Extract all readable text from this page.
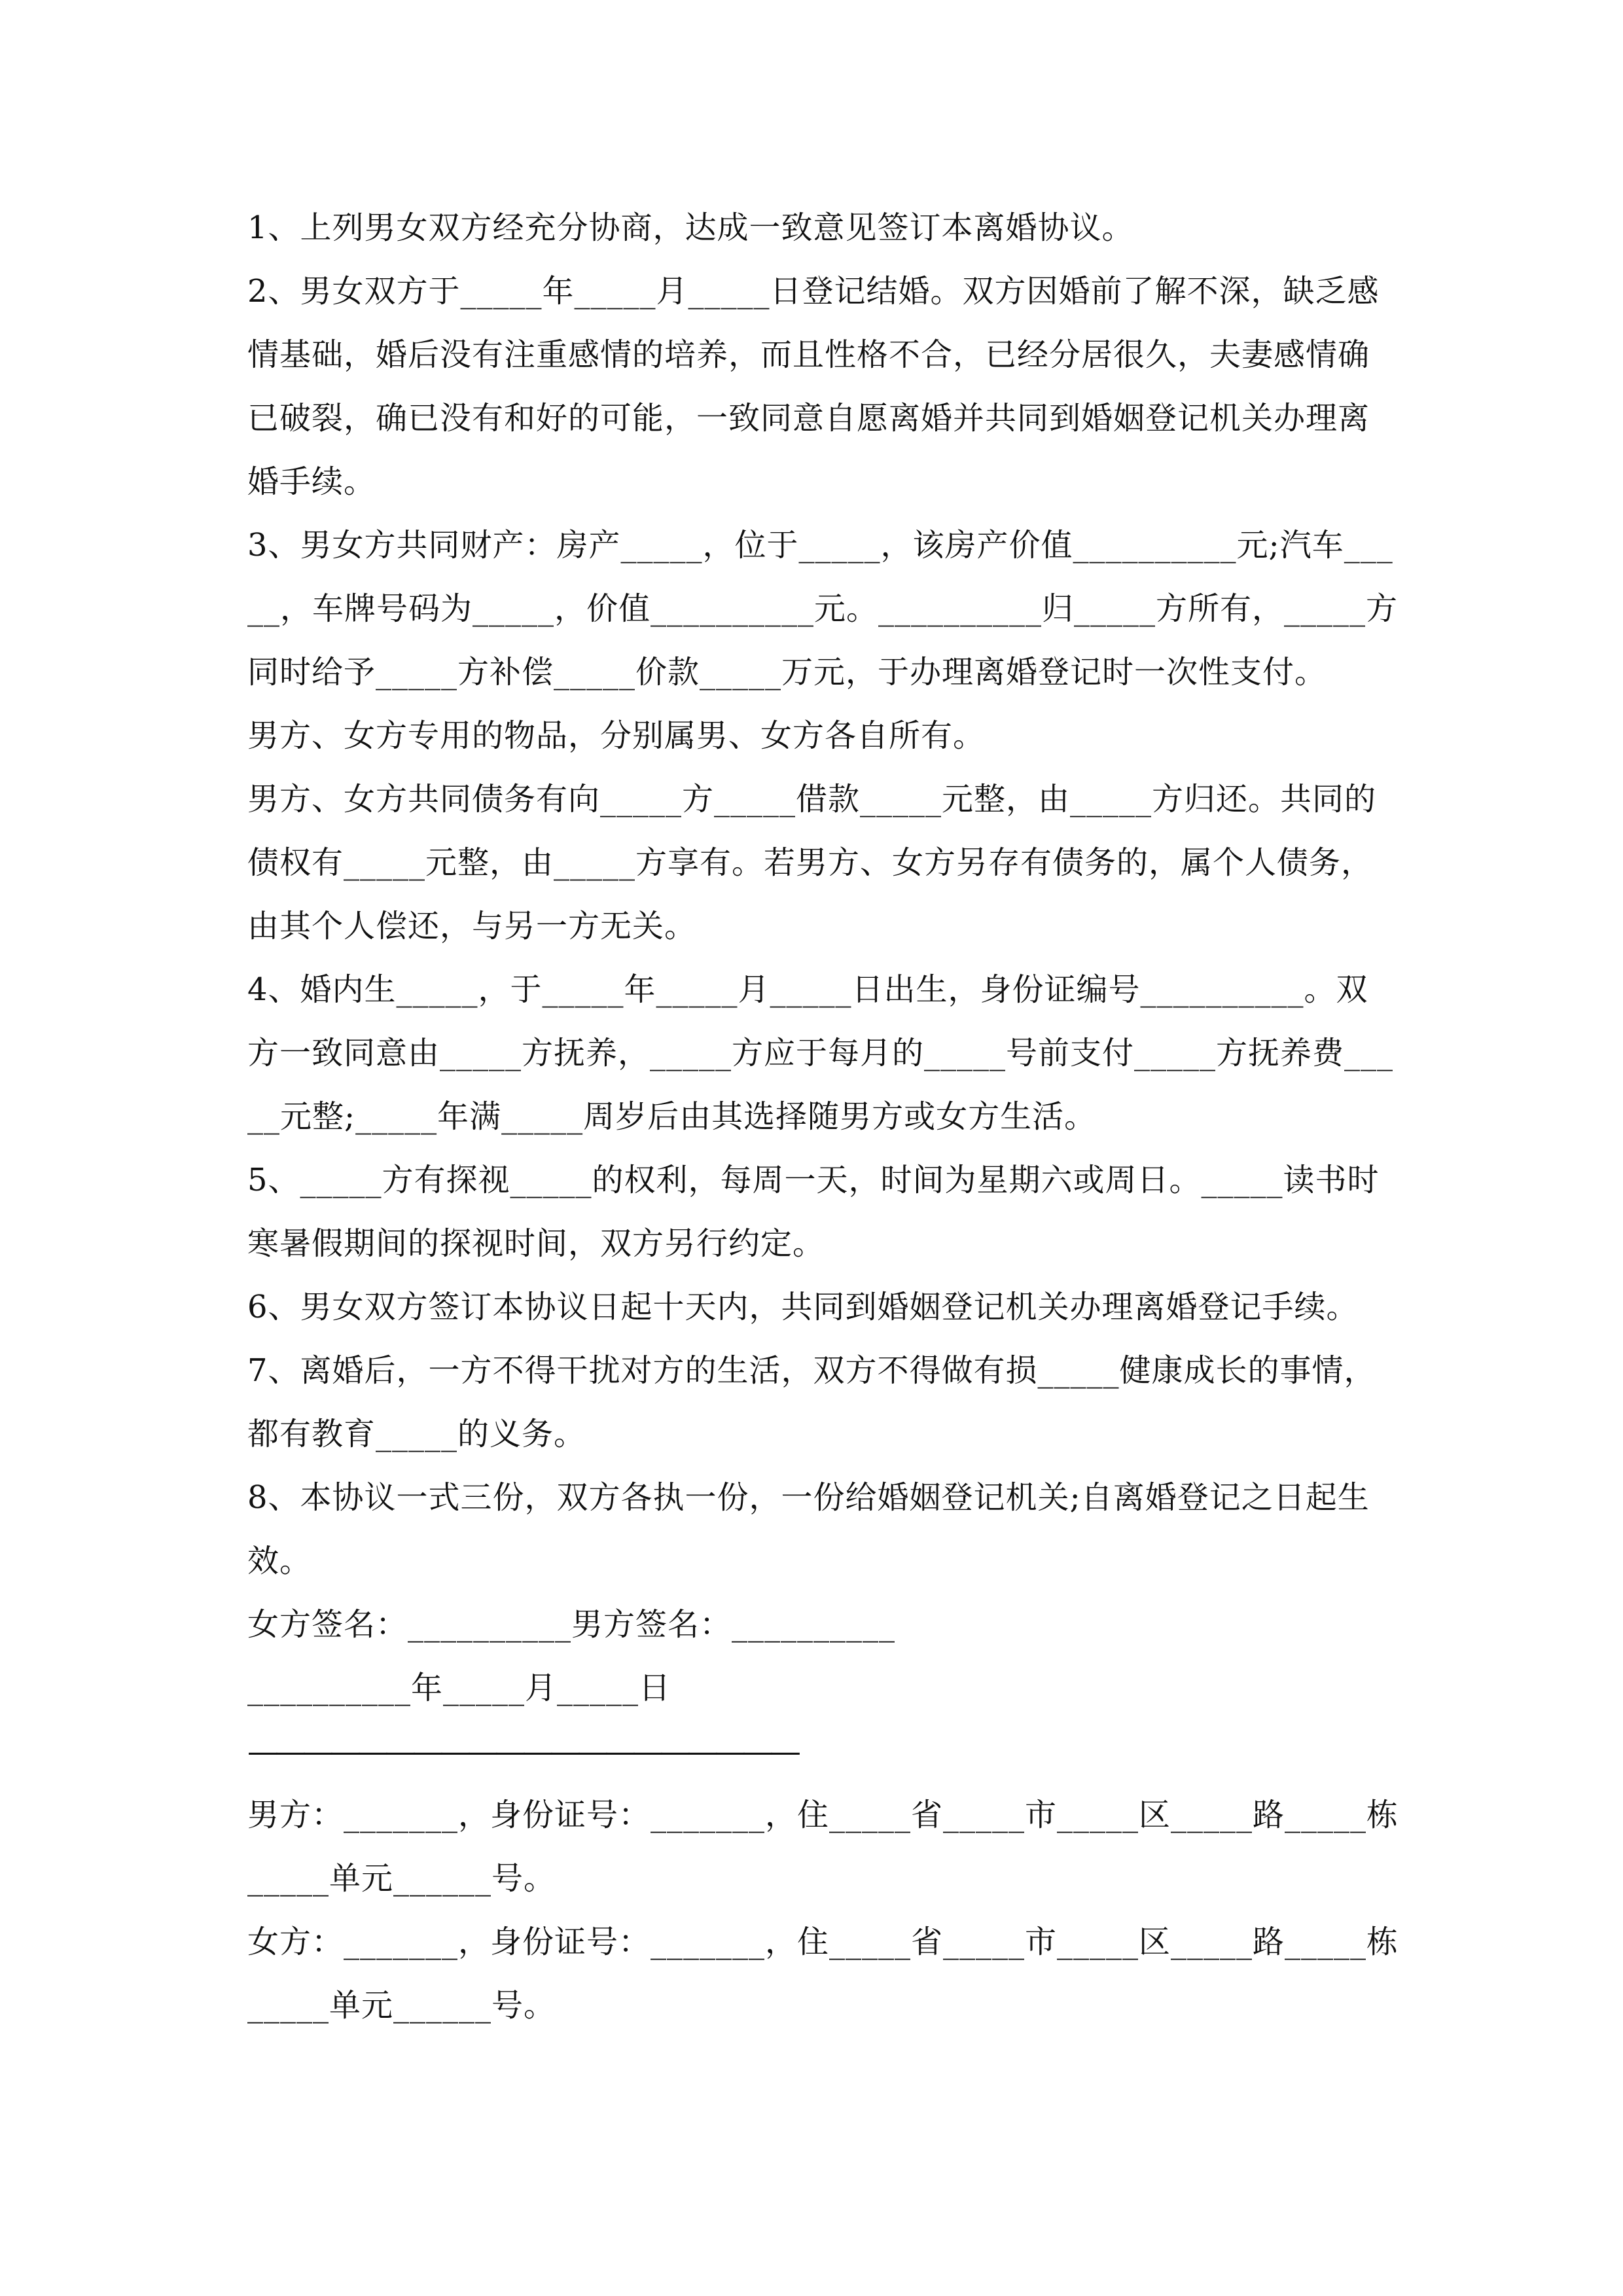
1、上列男女双方经充分协商，达成一致意见签订本离婚协议。

2、男女双方于_____年_____月_____日登记结婚。双方因婚前了解不深，缺乏感情基础，婚后没有注重感情的培养，而且性格不合，已经分居很久，夫妻感情确已破裂，确已没有和好的可能，一致同意自愿离婚并共同到婚姻登记机关办理离婚手续。

3、男女方共同财产：房产_____，位于_____，该房产价值__________元;汽车_____，车牌号码为_____，价值__________元。__________归_____方所有，_____方同时给予_____方补偿_____价款_____万元，于办理离婚登记时一次性支付。

男方、女方专用的物品，分别属男、女方各自所有。

男方、女方共同债务有向_____方_____借款_____元整，由_____方归还。共同的债权有_____元整，由_____方享有。若男方、女方另存有债务的，属个人债务，由其个人偿还，与另一方无关。

4、婚内生_____，于_____年_____月_____日出生，身份证编号__________。双方一致同意由_____方抚养，_____方应于每月的_____号前支付_____方抚养费_____元整;_____年满_____周岁后由其选择随男方或女方生活。

5、_____方有探视_____的权利，每周一天，时间为星期六或周日。_____读书时寒暑假期间的探视时间，双方另行约定。

6、男女双方签订本协议日起十天内，共同到婚姻登记机关办理离婚登记手续。

7、离婚后，一方不得干扰对方的生活，双方不得做有损_____健康成长的事情，都有教育_____的义务。

8、本协议一式三份，双方各执一份，一份给婚姻登记机关;自离婚登记之日起生效。

女方签名：__________男方签名：__________

__________年_____月_____日

————————————————————

男方：_______，身份证号：_______，住_____省_____市_____区_____路_____栋_____单元______号。

女方：_______，身份证号：_______，住_____省_____市_____区_____路_____栋_____单元______号。
